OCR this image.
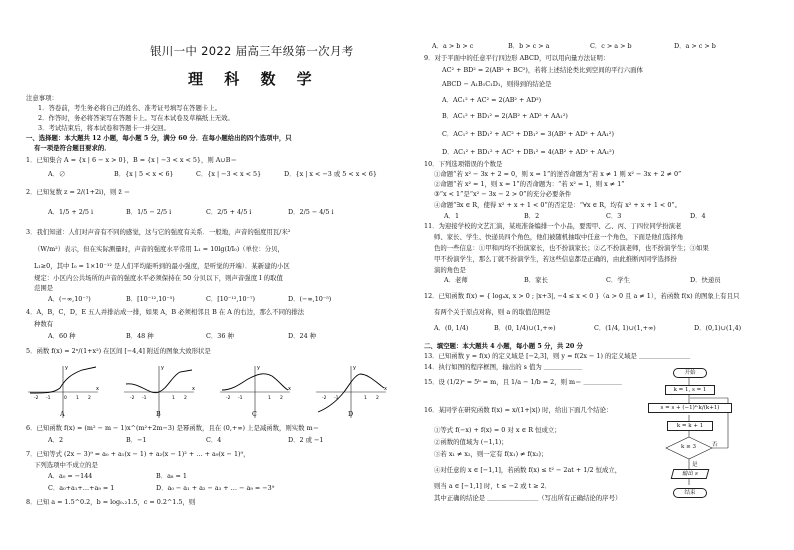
银川一中 2022 届高三年级第一次月考
理 科 数 学
注意事项：
1．答卷前，考生务必将自己的姓名、准考证号填写在答题卡上。
2．作答时，务必将答案写在答题卡上。写在本试卷及草稿纸上无效。
3．考试结束后，将本试卷和答题卡一并交回。
一、选择题：本大题共 12 小题，每小题 5 分，满分 60 分．在每小题给出的四个选项中，只
有一项是符合题目要求的．
1．已知集合 A = {x | 6 − x > 0}，B = {x | −3 < x < 5}，则 A∪B＝
A．∅	B．{x | 5 < x < 6}	C．{x | −3 < x < 5}	D．{x | x < −3 或 5 < x < 6}
2．已知复数 z = 2/(1+2i)，则 z̄ ＝
A．1/5 + 2/5 i	B．1/5 − 2/5 i	C．2/5 + 4/5 i	D．2/5 − 4/5 i
3．我们知道：人们对声音有不同的感觉，这与它的强度有关系．一般地，声音的强度用瓦/米²
（W/m²）表示，但在实际测量时，声音的强度水平常用 L₁ = 10lg(I/I₀)（单位：分贝，
L₁≥0，其中 I₀ = 1×10⁻¹² 是人们平均能听到的最小强度，是听觉的开端）．某新建的小区
规定：小区内公共场所的声音的强度水平必须保持在 50 分贝以下，则声音强度 I 的取值
范围是
A．(−∞,10⁻⁷)	B．[10⁻¹²,10⁻⁵)	C．[10⁻¹²,10⁻⁷)	D．(−∞,10⁻⁵)
4．A，B，C，D，E 五人并排站成一排，如果 A，B 必须相邻且 B 在 A 的右边，那么不同的排法
种数有
A．60 种	B．48 种	C．36 种	D．24 种
5．函数 f(x) = 2ˣ/(1+x²) 在区间 [−4,4] 附近的图象大致形状是
x
y
-2 -1	0 1 2
x
y
-2 -1	1 2
x
y
-2 -1	1 2
x
y
-2 -1	1 2
A	B	C	D
6．已知函数 f(x) = (m² − m − 1)x^(m²+2m−3) 是幂函数，且在 (0,+∞) 上是减函数，则实数 m＝
A．2	B．−1	C．4	D．2 或 −1
7．已知等式 (2x − 3)⁹ = a₀ + a₁(x − 1) + a₂(x − 1)² + … + a₉(x − 1)⁹，
下列选项中不成立的是
A．a₀ = −144	B．a₈ = 1
C．a₀+a₁+…+a₉ = 1	D．a₀ − a₁ + a₂ − a₃ + … − a₉ = −3⁹
8．已知 a = 1.5^0.2，b = log₀.₂1.5，c = 0.2^1.5，则
A．a > b > c	B．b > c > a	C．c > a > b	D．a > c > b
9．对于平面中的任意平行四边形 ABCD，可以用向量方法证明：
AC² + BD² = 2(AB² + BC²)，若将上述结论类比到空间的平行六面体
ABCD − A₁B₁C₁D₁，则得到的结论是
A．AC₁² + AC² = 2(AB² + AD²)
B．AC₁² + BD₁² = 2(AB² + AD² + AA₁²)
C．AC₁² + BD₁² + AC² + DB₁² = 3(AB² + AD² + AA₁²)
D．AC₁² + BD₁² + AC² + DB₁² = 4(AB² + AD² + AA₁²)
10．下列选项错误的个数是
①命题“若 x² − 3x + 2 = 0，则 x = 1”的逆否命题为“若 x ≠ 1 则 x² − 3x + 2 ≠ 0”
②命题“若 x² = 1，则 x = 1”的否命题为：“若 x² = 1，则 x ≠ 1”
③“x < 1”是“x² − 3x − 2 > 0”的充分必要条件
④命题“∃x ∈ R，使得 x² + x + 1 < 0”的否定是：“∀x ∈ R，均有 x² + x + 1 < 0”。
A．1	B．2	C．3	D．4
11．为迎接学校的文艺汇演，某班准备编排一个小品，要需甲、乙、丙、丁四位同学扮演老
师、家长、学生、快递员四个角色，他们被随机抽取中任意一个角色，下面是他们选择角
色的一些信息：①甲和丙均不扮演家长，也不扮演家长；②乙不扮演老师，也不扮演学生；③如果
甲不扮演学生，那么丁就不扮演学生，若这些信息都是正确的，由此推断丙同学选择扮
演的角色是
A．老师	B．家长	C．学生	D．快递员
12．已知函数 f(x) = { logₐx, x > 0 ; |x+3|, −4 ≤ x < 0 }（a > 0 且 a ≠ 1），若函数 f(x) 的图象上有且只
有两个关于原点对称，则 a 的取值范围是
A．(0, 1/4)	B．(0, 1/4)∪(1,+∞)	C．(1/4, 1)∪(1,+∞)	D．(0,1)∪(1,4)
二、填空题：本大题共 4 小题，每小题 5 分，共 20 分
13．已知函数 y = f(x) 的定义域是 [−2,3]，则 y = f(2x − 1) 的定义域是 ＿＿＿＿＿＿＿＿
14．执行如图的程序框图，输出的 s 值为 ＿＿＿＿＿＿
15．设 (1/2)ᵃ = 5ᵇ = m，且 1/a − 1/b = 2，则 m＝ ＿＿＿＿＿＿
16．某同学在研究函数 f(x) = x/(1+|x|) 时，给出下面几个结论：
①等式 f(−x) + f(x) = 0 对 x ∈ R 恒成立；
②函数的值域为 (−1,1)；
③若 x₁ ≠ x₂，则一定有 f(x₁) ≠ f(x₂)；
④对任意的 x ∈ [−1,1]，若函数 f(x) ≤ t² − 2at + 1/2 恒成立，
则当 a ∈ [−1,1] 时，t ≤ −2 或 t ≥ 2．
其中正确的结论是 ＿＿＿＿＿＿＿＿（写出所有正确结论的序号）
开始
k = 1, s = 1
s = s + (−1)ᵏ·k/(k+1)
k = k + 1
k ≥ 3	否
是
输出 s
结束
